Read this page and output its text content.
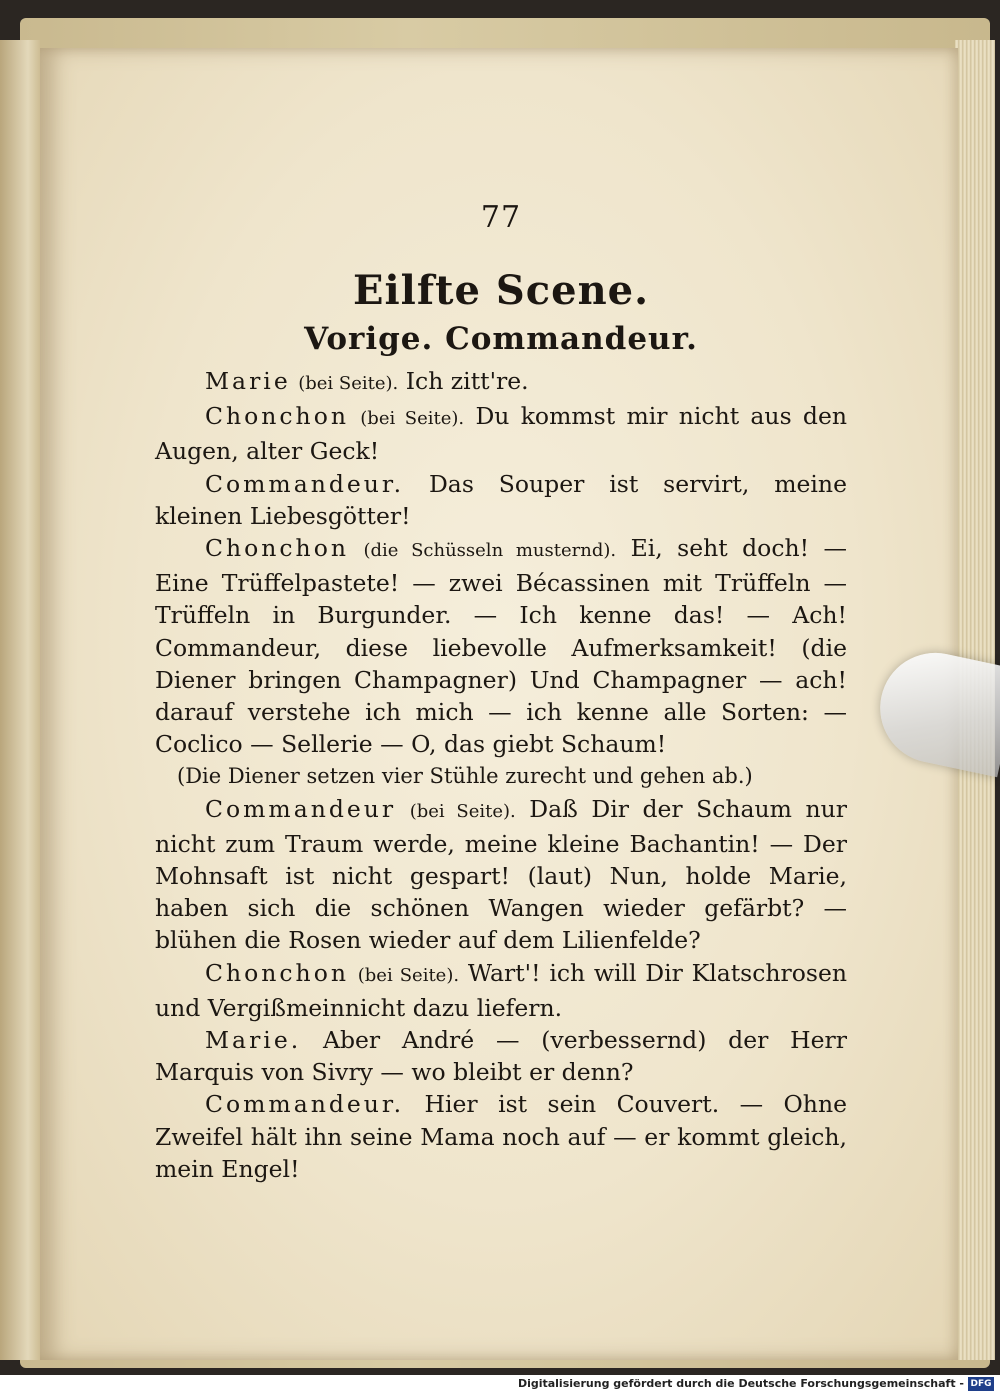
77
Eilfte Scene.
Vorige. Commandeur.

Marie (bei Seite). Ich zitt're.

Chonchon (bei Seite). Du kommst mir nicht aus den Augen, alter Geck!

Commandeur. Das Souper ist servirt, meine kleinen Liebesgötter!

Chonchon (die Schüsseln musternd). Ei, seht doch! — Eine Trüffelpastete! — zwei Bécassinen mit Trüffeln — Trüffeln in Burgunder. — Ich kenne das! — Ach! Commandeur, diese liebevolle Aufmerksamkeit! (die Diener bringen Champagner) Und Champagner — ach! darauf verstehe ich mich — ich kenne alle Sorten: — Coclico — Sellerie — O, das giebt Schaum!

(Die Diener setzen vier Stühle zurecht und gehen ab.)

Commandeur (bei Seite). Daß Dir der Schaum nur nicht zum Traum werde, meine kleine Bachantin! — Der Mohnsaft ist nicht gespart! (laut) Nun, holde Marie, haben sich die schönen Wangen wieder gefärbt? — blühen die Rosen wieder auf dem Lilienfelde?

Chonchon (bei Seite). Wart'! ich will Dir Klatschrosen und Vergißmeinnicht dazu liefern.

Marie. Aber André — (verbessernd) der Herr Marquis von Sivry — wo bleibt er denn?

Commandeur. Hier ist sein Couvert. — Ohne Zweifel hält ihn seine Mama noch auf — er kommt gleich, mein Engel!

Digitalisierung gefördert durch die Deutsche Forschungsgemeinschaft - DFG
